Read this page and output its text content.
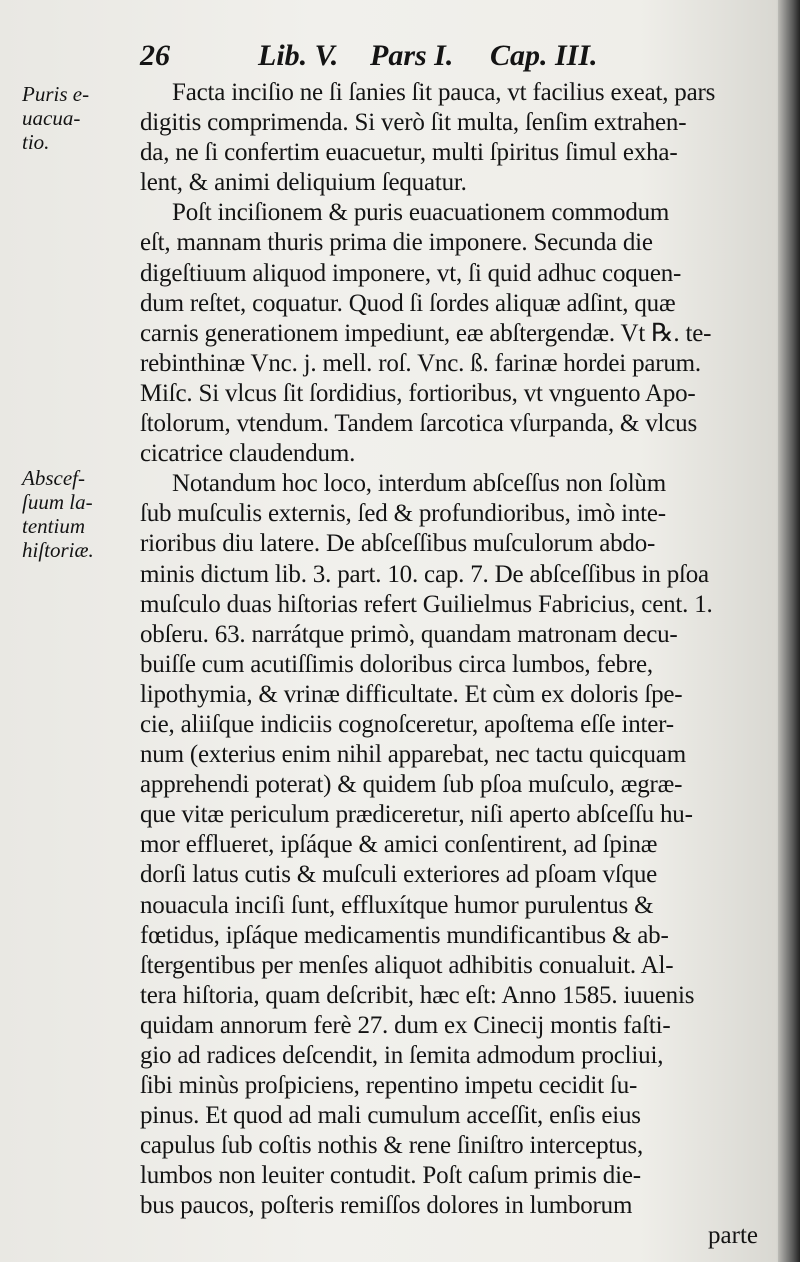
26	Lib. V. Pars I. Cap. III.
Puris e-
uacua-
tio.
Abscef-
ſuum la-
tentium
hiſtoriæ.
Facta inciſio ne ſi ſanies ſit pauca, vt facilius exeat, pars
digitis comprimenda. Si verò ſit multa, ſenſim extrahen-
da, ne ſi confertim euacuetur, multi ſpiritus ſimul exha-
lent, & animi deliquium ſequatur.
Poſt inciſionem & puris euacuationem commodum
eſt, mannam thuris prima die imponere. Secunda die
digeſtiuum aliquod imponere, vt, ſi quid adhuc coquen-
dum reſtet, coquatur. Quod ſi ſordes aliquæ adſint, quæ
carnis generationem impediunt, eæ abſtergendæ. Vt ℞. te-
rebinthinæ Vnc. j. mell. roſ. Vnc. ß. farinæ hordei parum.
Miſc. Si vlcus ſit ſordidius, fortioribus, vt vnguento Apo-
ſtolorum, vtendum. Tandem ſarcotica vſurpanda, & vlcus
cicatrice claudendum.
Notandum hoc loco, interdum abſceſſus non ſolùm
ſub muſculis externis, ſed & profundioribus, imò inte-
rioribus diu latere. De abſceſſibus muſculorum abdo-
minis dictum lib. 3. part. 10. cap. 7. De abſceſſibus in pſoa
muſculo duas hiſtorias refert Guilielmus Fabricius, cent. 1.
obſeru. 63. narrátque primò, quandam matronam decu-
buiſſe cum acutiſſimis doloribus circa lumbos, febre,
lipothymia, & vrinæ difficultate. Et cùm ex doloris ſpe-
cie, aliiſque indiciis cognoſceretur, apoſtema eſſe inter-
num (exterius enim nihil apparebat, nec tactu quicquam
apprehendi poterat) & quidem ſub pſoa muſculo, ægræ-
que vitæ periculum prædiceretur, niſi aperto abſceſſu hu-
mor efflueret, ipſáque & amici conſentirent, ad ſpinæ
dorſi latus cutis & muſculi exteriores ad pſoam vſque
nouacula inciſi ſunt, effluxítque humor purulentus &
fœtidus, ipſáque medicamentis mundificantibus & ab-
ſtergentibus per menſes aliquot adhibitis conualuit. Al-
tera hiſtoria, quam deſcribit, hæc eſt: Anno 1585. iuuenis
quidam annorum ferè 27. dum ex Cinecij montis faſti-
gio ad radices deſcendit, in ſemita admodum procliui,
ſibi minùs proſpiciens, repentino impetu cecidit ſu-
pinus. Et quod ad mali cumulum acceſſit, enſis eius
capulus ſub coſtis nothis & rene ſiniſtro interceptus,
lumbos non leuiter contudit. Poſt caſum primis die-
bus paucos, poſteris remiſſos dolores in lumborum
parte
